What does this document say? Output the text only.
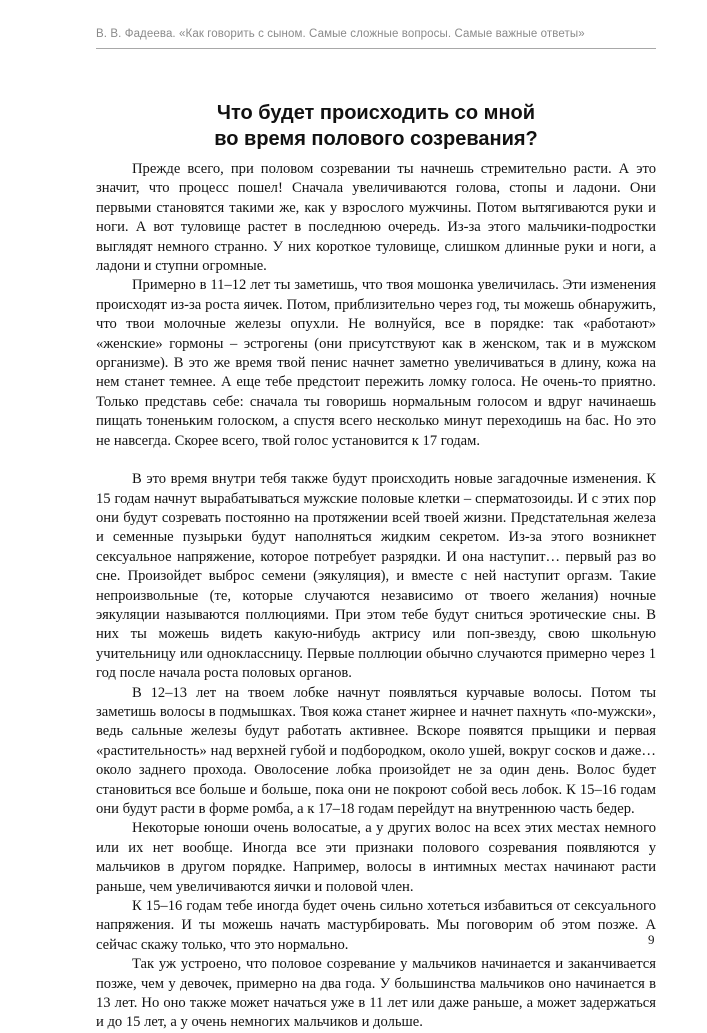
В. В. Фадеева. «Как говорить с сыном. Самые сложные вопросы. Самые важные ответы»
Что будет происходить со мной
во время полового созревания?

Прежде всего, при половом созревании ты начнешь стремительно расти. А это значит, что процесс пошел! Сначала увеличиваются голова, стопы и ладони. Они первыми становятся такими же, как у взрослого мужчины. Потом вытягиваются руки и ноги. А вот туловище растет в последнюю очередь. Из-за этого мальчики-подростки выглядят немного странно. У них короткое туловище, слишком длинные руки и ноги, а ладони и ступни огромные.

Примерно в 11–12 лет ты заметишь, что твоя мошонка увеличилась. Эти изменения происходят из-за роста яичек. Потом, приблизительно через год, ты можешь обнаружить, что твои молочные железы опухли. Не волнуйся, все в порядке: так «работают» «женские» гормоны – эстрогены (они присутствуют как в женском, так и в мужском организме). В это же время твой пенис начнет заметно увеличиваться в длину, кожа на нем станет темнее. А еще тебе предстоит пережить ломку голоса. Не очень-то приятно. Только представь себе: сначала ты говоришь нормальным голосом и вдруг начинаешь пищать тоненьким голоском, а спустя всего несколько минут переходишь на бас. Но это не навсегда. Скорее всего, твой голос установится к 17 годам.

В это время внутри тебя также будут происходить новые загадочные изменения. К 15 годам начнут вырабатываться мужские половые клетки – сперматозоиды. И с этих пор они будут созревать постоянно на протяжении всей твоей жизни. Предстательная железа и семенные пузырьки будут наполняться жидким секретом. Из-за этого возникнет сексуальное напряжение, которое потребует разрядки. И она наступит… первый раз во сне. Произойдет выброс семени (эякуляция), и вместе с ней наступит оргазм. Такие непроизвольные (те, которые случаются независимо от твоего желания) ночные эякуляции называются поллюциями. При этом тебе будут сниться эротические сны. В них ты можешь видеть какую-нибудь актрису или поп-звезду, свою школьную учительницу или одноклассницу. Первые поллюции обычно случаются примерно через 1 год после начала роста половых органов.

В 12–13 лет на твоем лобке начнут появляться курчавые волосы. Потом ты заметишь волосы в подмышках. Твоя кожа станет жирнее и начнет пахнуть «по-мужски», ведь сальные железы будут работать активнее. Вскоре появятся прыщики и первая «растительность» над верхней губой и подбородком, около ушей, вокруг сосков и даже… около заднего прохода. Оволосение лобка произойдет не за один день. Волос будет становиться все больше и больше, пока они не покроют собой весь лобок. К 15–16 годам они будут расти в форме ромба, а к 17–18 годам перейдут на внутреннюю часть бедер.

Некоторые юноши очень волосатые, а у других волос на всех этих местах немного или их нет вообще. Иногда все эти признаки полового созревания появляются у мальчиков в другом порядке. Например, волосы в интимных местах начинают расти раньше, чем увеличиваются яички и половой член.

К 15–16 годам тебе иногда будет очень сильно хотеться избавиться от сексуального напряжения. И ты можешь начать мастурбировать. Мы поговорим об этом позже. А сейчас скажу только, что это нормально.

Так уж устроено, что половое созревание у мальчиков начинается и заканчивается позже, чем у девочек, примерно на два года. У большинства мальчиков оно начинается в 13 лет. Но оно также может начаться уже в 11 лет или даже раньше, а может задержаться и до 15 лет, а у очень немногих мальчиков и дольше.

9
